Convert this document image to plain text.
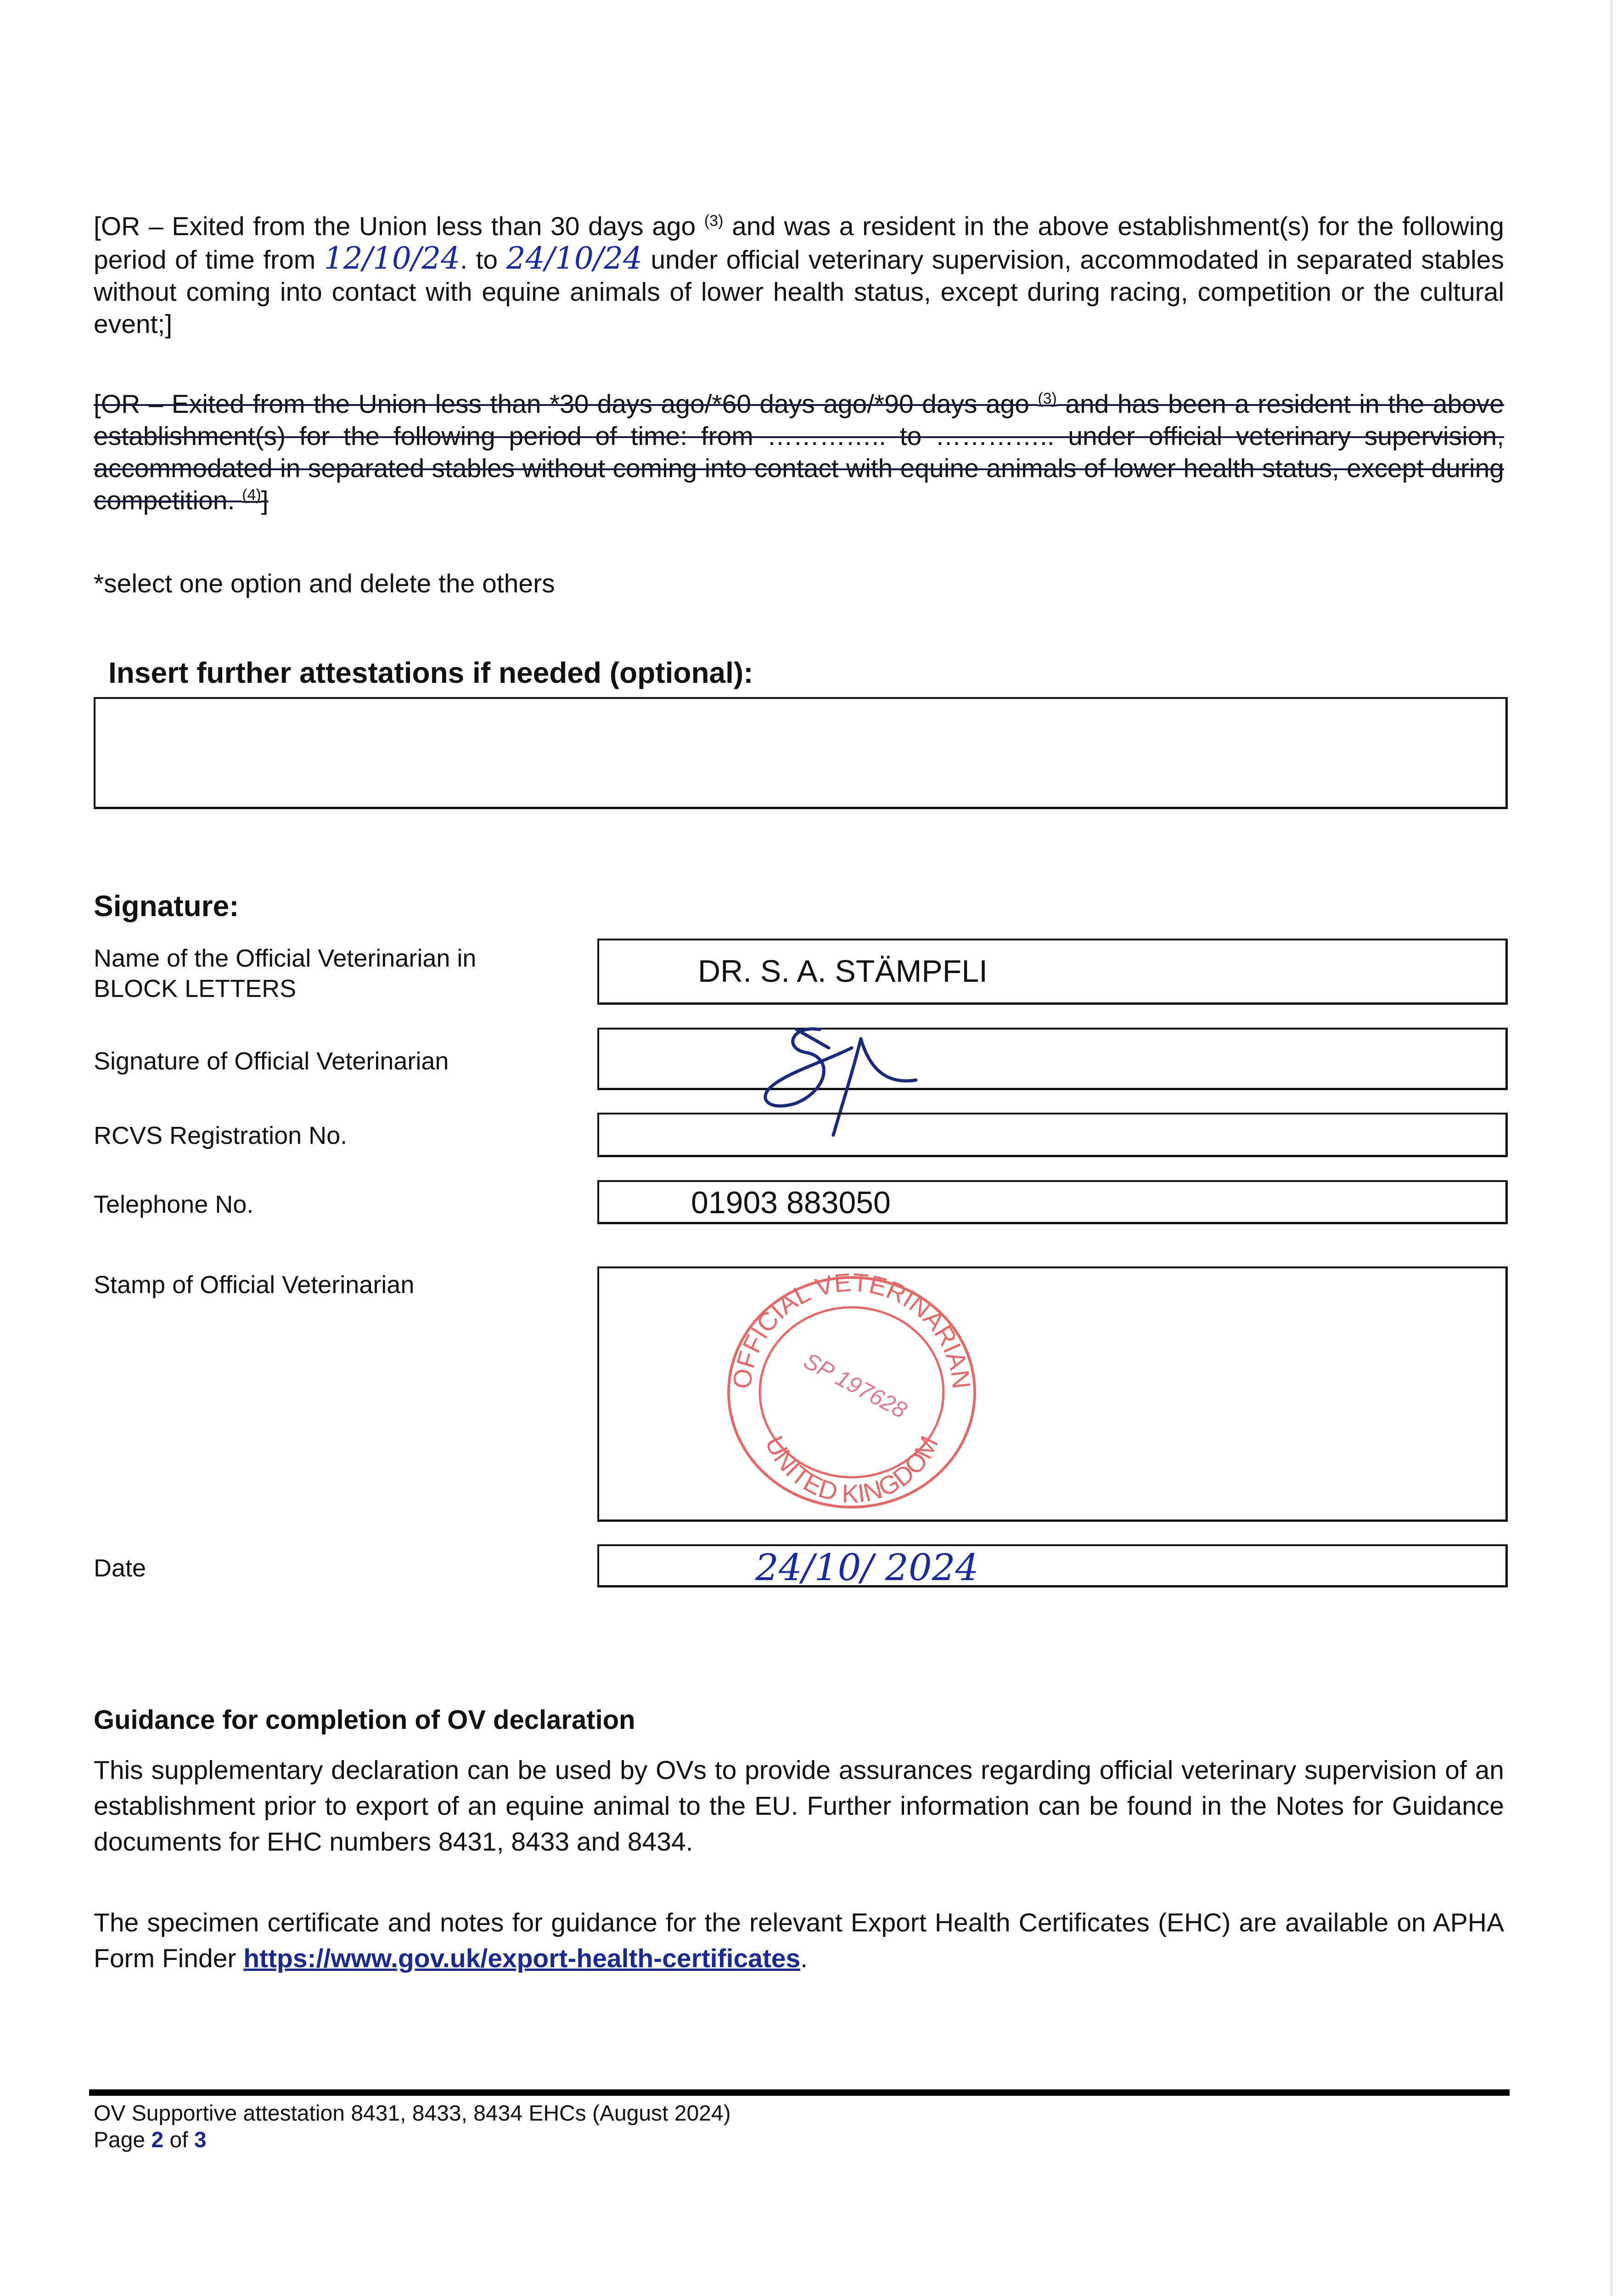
[OR – Exited from the Union less than 30 days ago $^{(3)}$ and was a resident in the above establishment(s) for the following period of time from 12/10/24. to 24/10/24 under official veterinary supervision, accommodated in separated stables without coming into contact with equine animals of lower health status, except during racing, competition or the cultural event;]
[OR – Exited from the Union less than *30 days ago/*60 days ago/*90 days ago $^{(3)}$ and has been a resident in the above establishment(s) for the following period of time: from ………….. to ………….. under official veterinary supervision, accommodated in separated stables without coming into contact with equine animals of lower health status, except during competition. $^{(4)}$]
*select one option and delete the others
Insert further attestations if needed (optional):
Signature:
Name of the Official Veterinarian in BLOCK LETTERS	DR. S. A. STÄMPFLI
Signature of Official Veterinarian
RCVS Registration No.
Telephone No.	01903 883050
Stamp of Official Veterinarian
OFFICIAL VETERINARIAN
UNITED KINGDOM
SP 197628
Date	24/10/ 2024
Guidance for completion of OV declaration
This supplementary declaration can be used by OVs to provide assurances regarding official veterinary supervision of an establishment prior to export of an equine animal to the EU. Further information can be found in the Notes for Guidance documents for EHC numbers 8431, 8433 and 8434.
The specimen certificate and notes for guidance for the relevant Export Health Certificates (EHC) are available on APHA Form Finder https://www.gov.uk/export-health-certificates.
OV Supportive attestation 8431, 8433, 8434 EHCs (August 2024)
Page 2 of 3
